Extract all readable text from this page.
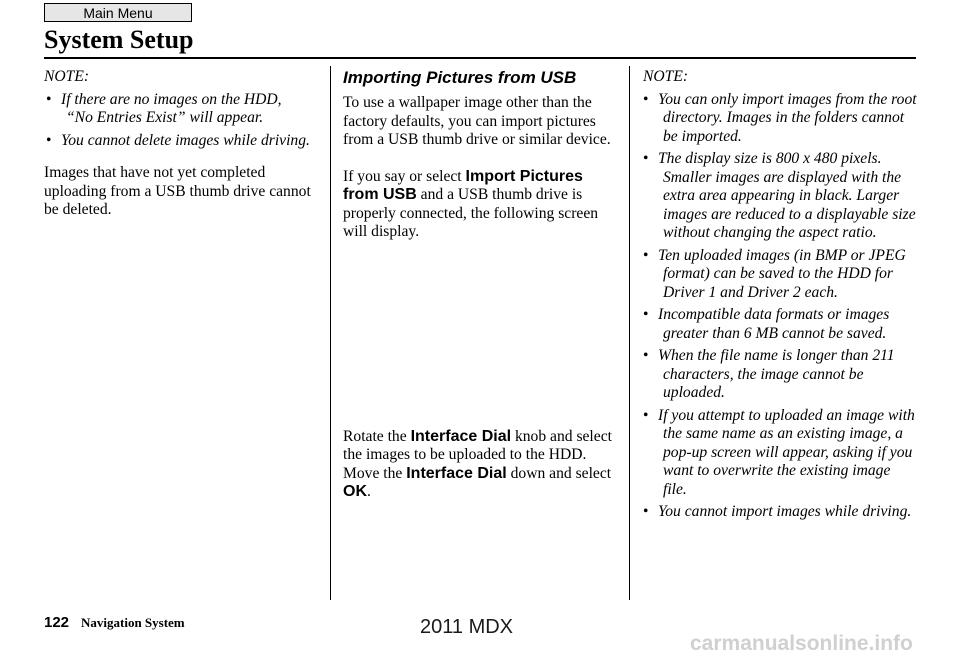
Main Menu
System Setup

NOTE:

• If there are no images on the HDD, “No Entries Exist” will appear.
• You cannot delete images while driving.

Images that have not yet completed uploading from a USB thumb drive cannot be deleted.

Importing Pictures from USB

To use a wallpaper image other than the factory defaults, you can import pictures from a USB thumb drive or similar device.

If you say or select Import Pictures from USB and a USB thumb drive is properly connected, the following screen will display.

Rotate the Interface Dial knob and select the images to be uploaded to the HDD. Move the Interface Dial down and select OK.

NOTE:

• You can only import images from the root directory. Images in the folders cannot be imported.
• The display size is 800 x 480 pixels. Smaller images are displayed with the extra area appearing in black. Larger images are reduced to a displayable size without changing the aspect ratio.
• Ten uploaded images (in BMP or JPEG format) can be saved to the HDD for Driver 1 and Driver 2 each.
• Incompatible data formats or images greater than 6 MB cannot be saved.
• When the file name is longer than 211 characters, the image cannot be uploaded.
• If you attempt to uploaded an image with the same name as an existing image, a pop-up screen will appear, asking if you want to overwrite the existing image file.
• You cannot import images while driving.
122 Navigation System	2011 MDX
carmanualsonline.info
